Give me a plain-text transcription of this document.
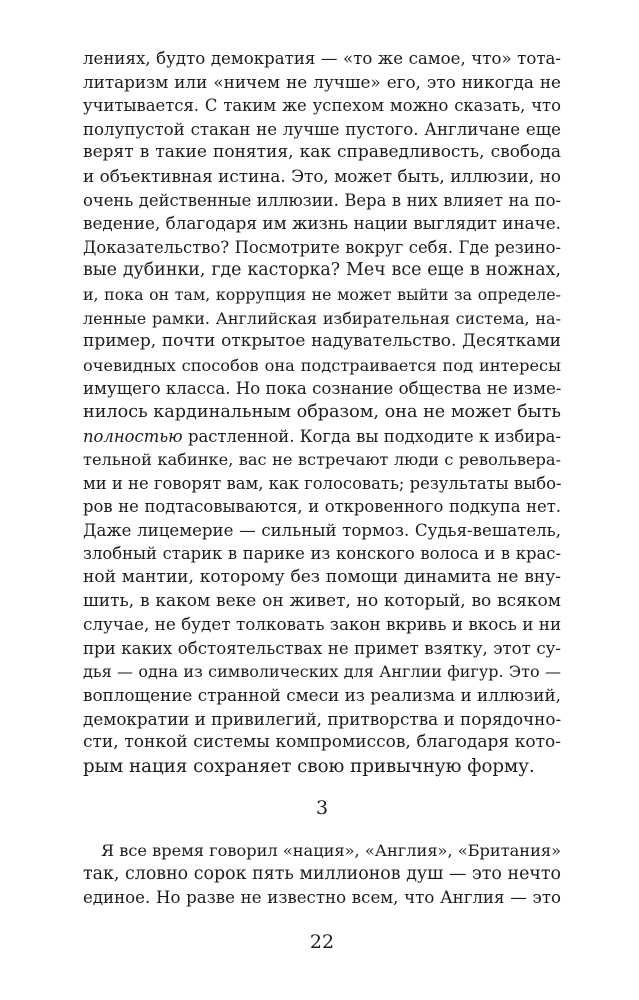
лениях, будто демократия — «то же самое, что» тота-
литаризм или «ничем не лучше» его, это никогда не
учитывается. С таким же успехом можно сказать, что
полупустой стакан не лучше пустого. Англичане еще
верят в такие понятия, как справедливость, свобода
и объективная истина. Это, может быть, иллюзии, но
очень действенные иллюзии. Вера в них влияет на по-
ведение, благодаря им жизнь нации выглядит иначе.
Доказательство? Посмотрите вокруг себя. Где резино-
вые дубинки, где касторка? Меч все еще в ножнах,
и, пока он там, коррупция не может выйти за определе-
ленные рамки. Английская избирательная система, на-
пример, почти открытое надувательство. Десятками
очевидных способов она подстраивается под интересы
имущего класса. Но пока сознание общества не изме-
нилось кардинальным образом, она не может быть
полностью растленной. Когда вы подходите к избира-
тельной кабинке, вас не встречают люди с револьвера-
ми и не говорят вам, как голосовать; результаты выбо-
ров не подтасовываются, и откровенного подкупа нет.
Даже лицемерие — сильный тормоз. Судья-вешатель,
злобный старик в парике из конского волоса и в крас-
ной мантии, которому без помощи динамита не вну-
шить, в каком веке он живет, но который, во всяком
случае, не будет толковать закон вкривь и вкось и ни
при каких обстоятельствах не примет взятку, этот су-
дья — одна из символических для Англии фигур. Это —
воплощение странной смеси из реализма и иллюзий,
демократии и привилегий, притворства и порядочно-
сти, тонкой системы компромиссов, благодаря кото-
рым нация сохраняет свою привычную форму.
3
Я все время говорил «нация», «Англия», «Британия»
так, словно сорок пять миллионов душ — это нечто
единое. Но разве не известно всем, что Англия — это
22
